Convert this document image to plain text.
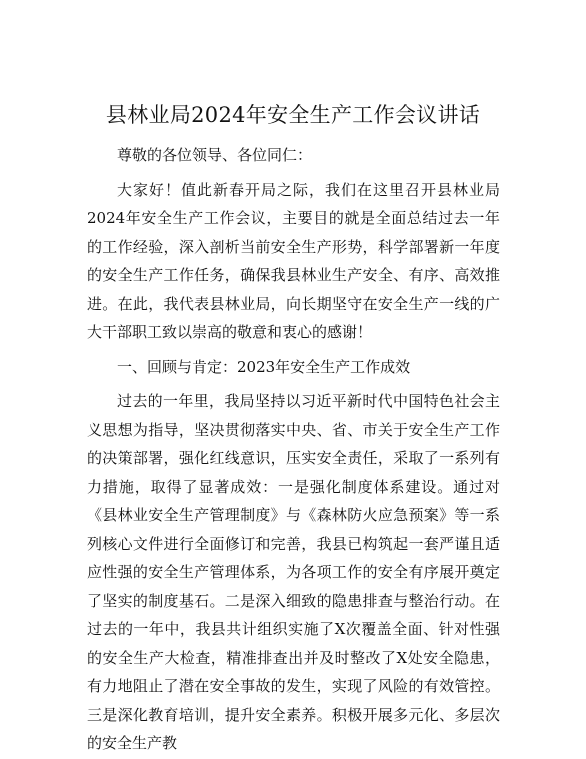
县林业局2024年安全生产工作会议讲话

尊敬的各位领导、各位同仁：

大家好！值此新春开局之际，我们在这里召开县林业局2024年安全生产工作会议，主要目的就是全面总结过去一年的工作经验，深入剖析当前安全生产形势，科学部署新一年度的安全生产工作任务，确保我县林业生产安全、有序、高效推进。在此，我代表县林业局，向长期坚守在安全生产一线的广大干部职工致以崇高的敬意和衷心的感谢！

一、回顾与肯定：2023年安全生产工作成效

过去的一年里，我局坚持以习近平新时代中国特色社会主义思想为指导，坚决贯彻落实中央、省、市关于安全生产工作的决策部署，强化红线意识，压实安全责任，采取了一系列有力措施，取得了显著成效：一是强化制度体系建设。通过对《县林业安全生产管理制度》与《森林防火应急预案》等一系列核心文件进行全面修订和完善，我县已构筑起一套严谨且适应性强的安全生产管理体系，为各项工作的安全有序展开奠定了坚实的制度基石。二是深入细致的隐患排查与整治行动。在过去的一年中，我县共计组织实施了X次覆盖全面、针对性强的安全生产大检查，精准排查出并及时整改了X处安全隐患，有力地阻止了潜在安全事故的发生，实现了风险的有效管控。三是深化教育培训，提升安全素养。积极开展多元化、多层次的安全生产教
